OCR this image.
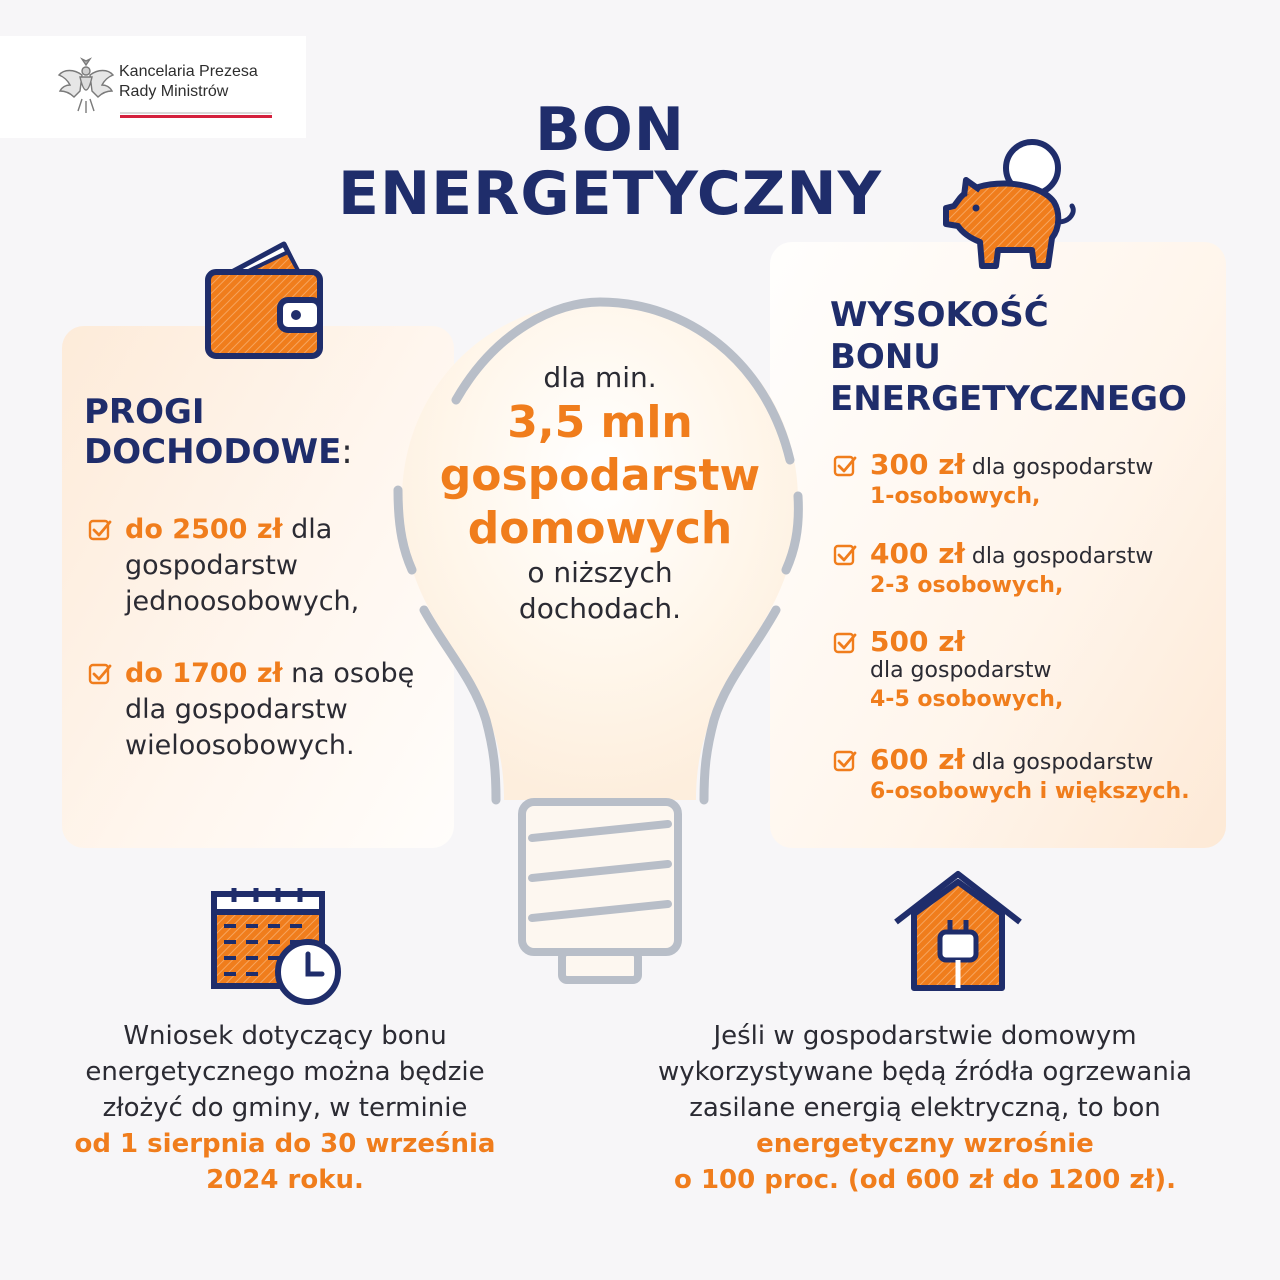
Kancelaria Prezesa
Rady Ministrów
BON
ENERGETYCZNY
PROGI
DOCHODOWE:
do 2500 zł dla
gospodarstw
jednoosobowych,
do 1700 zł na osobę
dla gospodarstw
wieloosobowych.
dla min.
3,5 mln
gospodarstw
domowych
o niższych
dochodach.
WYSOKOŚĆ
BONU
ENERGETYCZNEGO
300 zł dla gospodarstw
1-osobowych,
400 zł dla gospodarstw
2-3 osobowych,
500 zł
dla gospodarstw
4-5 osobowych,
600 zł dla gospodarstw
6-osobowych i większych.
Wniosek dotyczący bonu
energetycznego można będzie
złożyć do gminy, w terminie
od 1 sierpnia do 30 września
2024 roku.
Jeśli w gospodarstwie domowym
wykorzystywane będą źródła ogrzewania
zasilane energią elektryczną, to bon
energetyczny wzrośnie
o 100 proc. (od 600 zł do 1200 zł).
